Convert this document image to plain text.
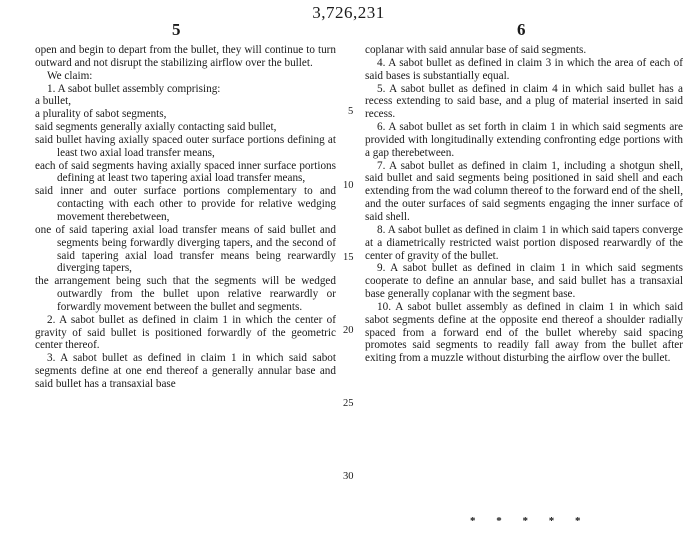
3,726,231
5	6
open and begin to depart from the bullet, they will continue to turn outward and not disrupt the stabilizing airflow over the bullet.
We claim:
1. A sabot bullet assembly comprising:
a bullet,
a plurality of sabot segments,
said segments generally axially contacting said bullet,
said bullet having axially spaced outer surface portions defining at least two axial load transfer means,
each of said segments having axially spaced inner surface portions defining at least two tapering axial load transfer means,
said inner and outer surface portions complementary to and contacting with each other to provide for relative wedging movement therebetween,
one of said tapering axial load transfer means of said bullet and segments being forwardly diverging tapers, and the second of said tapering axial load transfer means being rearwardly diverging tapers,
the arrangement being such that the segments will be wedged outwardly from the bullet upon relative rearwardly or forwardly movement between the bullet and segments.
2. A sabot bullet as defined in claim 1 in which the center of gravity of said bullet is positioned forwardly of the geometric center thereof.
3. A sabot bullet as defined in claim 1 in which said sabot segments define at one end thereof a generally annular base and said bullet has a transaxial base
coplanar with said annular base of said segments.
4. A sabot bullet as defined in claim 3 in which the area of each of said bases is substantially equal.
5. A sabot bullet as defined in claim 4 in which said bullet has a recess extending to said base, and a plug of material inserted in said recess.
6. A sabot bullet as set forth in claim 1 in which said segments are provided with longitudinally extending confronting edge portions with a gap therebetween.
7. A sabot bullet as defined in claim 1, including a shotgun shell, said bullet and said segments being positioned in said shell and each extending from the wad column thereof to the forward end of the shell, and the outer surfaces of said segments engaging the inner surface of said shell.
8. A sabot bullet as defined in claim 1 in which said tapers converge at a diametrically restricted waist portion disposed rearwardly of the center of gravity of the bullet.
9. A sabot bullet as defined in claim 1 in which said segments cooperate to define an annular base, and said bullet has a transaxial base generally coplanar with the segment base.
10. A sabot bullet assembly as defined in claim 1 in which said sabot segments define at the opposite end thereof a shoulder radially spaced from a forward end of the bullet whereby said spacing promotes said segments to readily fall away from the bullet after exiting from a muzzle without disturbing the airflow over the bullet.
5
10
15
20
25
30
* * * * *
